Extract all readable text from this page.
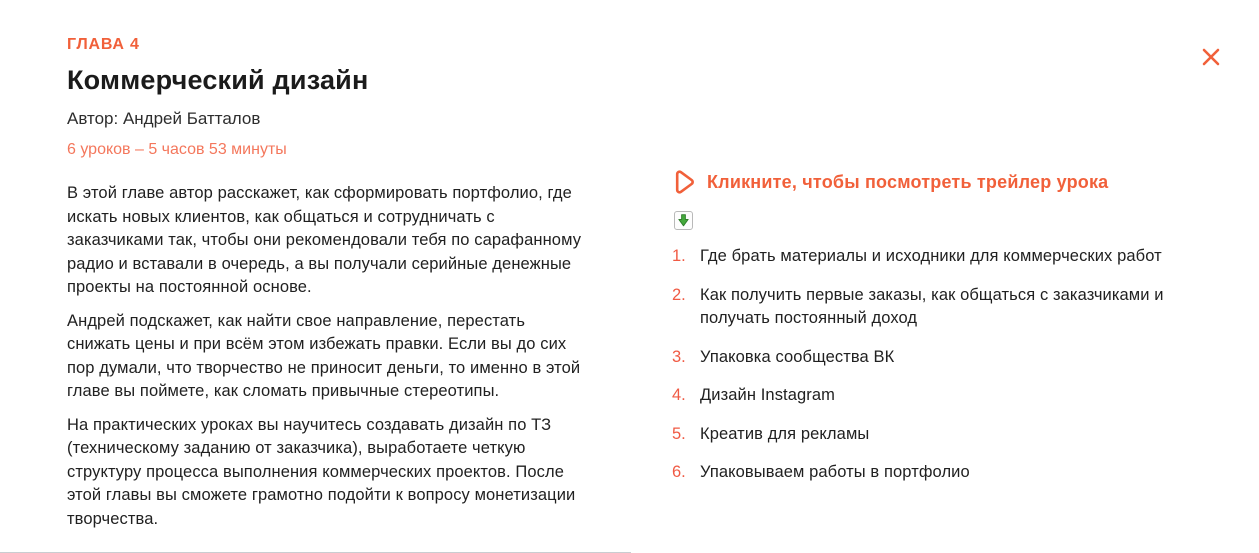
ГЛАВА 4
Коммерческий дизайн
Автор: Андрей Батталов
6 уроков – 5 часов 53 минуты

В этой главе автор расскажет, как сформировать портфолио, где искать новых клиентов, как общаться и сотрудничать с заказчиками так, чтобы они рекомендовали тебя по сарафанному радио и вставали в очередь, а вы получали серийные денежные проекты на постоянной основе.

Андрей подскажет, как найти свое направление, перестать снижать цены и при всём этом избежать правки. Если вы до сих пор думали, что творчество не приносит деньги, то именно в этой главе вы поймете, как сломать привычные стереотипы.

На практических уроках вы научитесь создавать дизайн по ТЗ (техническому заданию от заказчика), выработаете четкую структуру процесса выполнения коммерческих проектов. После этой главы вы сможете грамотно подойти к вопросу монетизации творчества.

Кликните, чтобы посмотреть трейлер урока
1. Где брать материалы и исходники для коммерческих работ
2. Как получить первые заказы, как общаться с заказчиками и получать постоянный доход
3. Упаковка сообщества ВК
4. Дизайн Instagram
5. Креатив для рекламы
6. Упаковываем работы в портфолио
